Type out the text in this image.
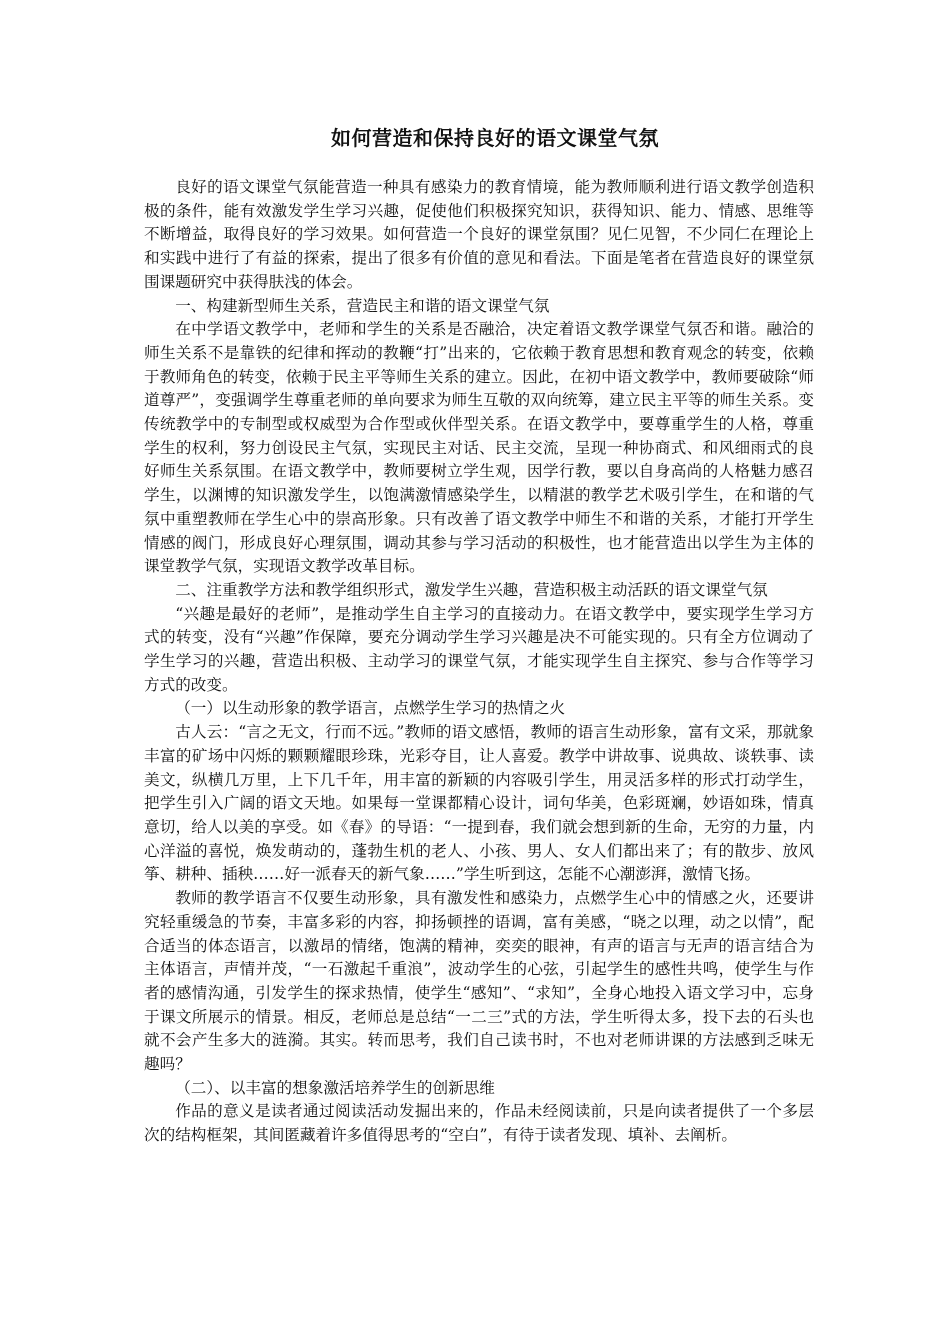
如何营造和保持良好的语文课堂气氛

良好的语文课堂气氛能营造一种具有感染力的教育情境，能为教师顺利进行语文教学创造积极的条件，能有效激发学生学习兴趣，促使他们积极探究知识，获得知识、能力、情感、思维等不断增益，取得良好的学习效果。如何营造一个良好的课堂氛围？见仁见智，不少同仁在理论上和实践中进行了有益的探索，提出了很多有价值的意见和看法。下面是笔者在营造良好的课堂氛围课题研究中获得肤浅的体会。

一、构建新型师生关系，营造民主和谐的语文课堂气氛

在中学语文教学中，老师和学生的关系是否融洽，决定着语文教学课堂气氛否和谐。融洽的师生关系不是靠铁的纪律和挥动的教鞭“打”出来的，它依赖于教育思想和教育观念的转变，依赖于教师角色的转变，依赖于民主平等师生关系的建立。因此，在初中语文教学中，教师要破除“师道尊严”，变强调学生尊重老师的单向要求为师生互敬的双向统筹，建立民主平等的师生关系。变传统教学中的专制型或权威型为合作型或伙伴型关系。在语文教学中，要尊重学生的人格，尊重学生的权利，努力创设民主气氛，实现民主对话、民主交流，呈现一种协商式、和风细雨式的良好师生关系氛围。在语文教学中，教师要树立学生观，因学行教，要以自身高尚的人格魅力感召学生，以渊博的知识激发学生，以饱满激情感染学生，以精湛的教学艺术吸引学生，在和谐的气氛中重塑教师在学生心中的崇高形象。只有改善了语文教学中师生不和谐的关系，才能打开学生情感的阀门，形成良好心理氛围，调动其参与学习活动的积极性，也才能营造出以学生为主体的课堂教学气氛，实现语文教学改革目标。

二、注重教学方法和教学组织形式，激发学生兴趣，营造积极主动活跃的语文课堂气氛

“兴趣是最好的老师”，是推动学生自主学习的直接动力。在语文教学中，要实现学生学习方式的转变，没有“兴趣”作保障，要充分调动学生学习兴趣是决不可能实现的。只有全方位调动了学生学习的兴趣，营造出积极、主动学习的课堂气氛，才能实现学生自主探究、参与合作等学习方式的改变。

（一）以生动形象的教学语言，点燃学生学习的热情之火

古人云：“言之无文，行而不远。”教师的语文感悟，教师的语言生动形象，富有文采，那就象丰富的矿场中闪烁的颗颗耀眼珍珠，光彩夺目，让人喜爱。教学中讲故事、说典故、谈轶事、读美文，纵横几万里，上下几千年，用丰富的新颖的内容吸引学生，用灵活多样的形式打动学生，把学生引入广阔的语文天地。如果每一堂课都精心设计，词句华美，色彩斑斓，妙语如珠，情真意切，给人以美的享受。如《春》的导语：“一提到春，我们就会想到新的生命，无穷的力量，内心洋溢的喜悦，焕发萌动的，蓬勃生机的老人、小孩、男人、女人们都出来了；有的散步、放风筝、耕种、插秧……好一派春天的新气象……”学生听到这，怎能不心潮澎湃，激情飞扬。

教师的教学语言不仅要生动形象，具有激发性和感染力，点燃学生心中的情感之火，还要讲究轻重缓急的节奏，丰富多彩的内容，抑扬顿挫的语调，富有美感，“晓之以理，动之以情”，配合适当的体态语言，以激昂的情绪，饱满的精神，奕奕的眼神，有声的语言与无声的语言结合为主体语言，声情并茂，“一石激起千重浪”，波动学生的心弦，引起学生的感性共鸣，使学生与作者的感情沟通，引发学生的探求热情，使学生“感知”、“求知”，全身心地投入语文学习中，忘身于课文所展示的情景。相反，老师总是总结“一二三”式的方法，学生听得太多，投下去的石头也就不会产生多大的涟漪。其实。转而思考，我们自己读书时，不也对老师讲课的方法感到乏味无趣吗？

（二）、以丰富的想象激活培养学生的创新思维

作品的意义是读者通过阅读活动发掘出来的，作品未经阅读前，只是向读者提供了一个多层次的结构框架，其间匿藏着许多值得思考的“空白”，有待于读者发现、填补、去阐析。
